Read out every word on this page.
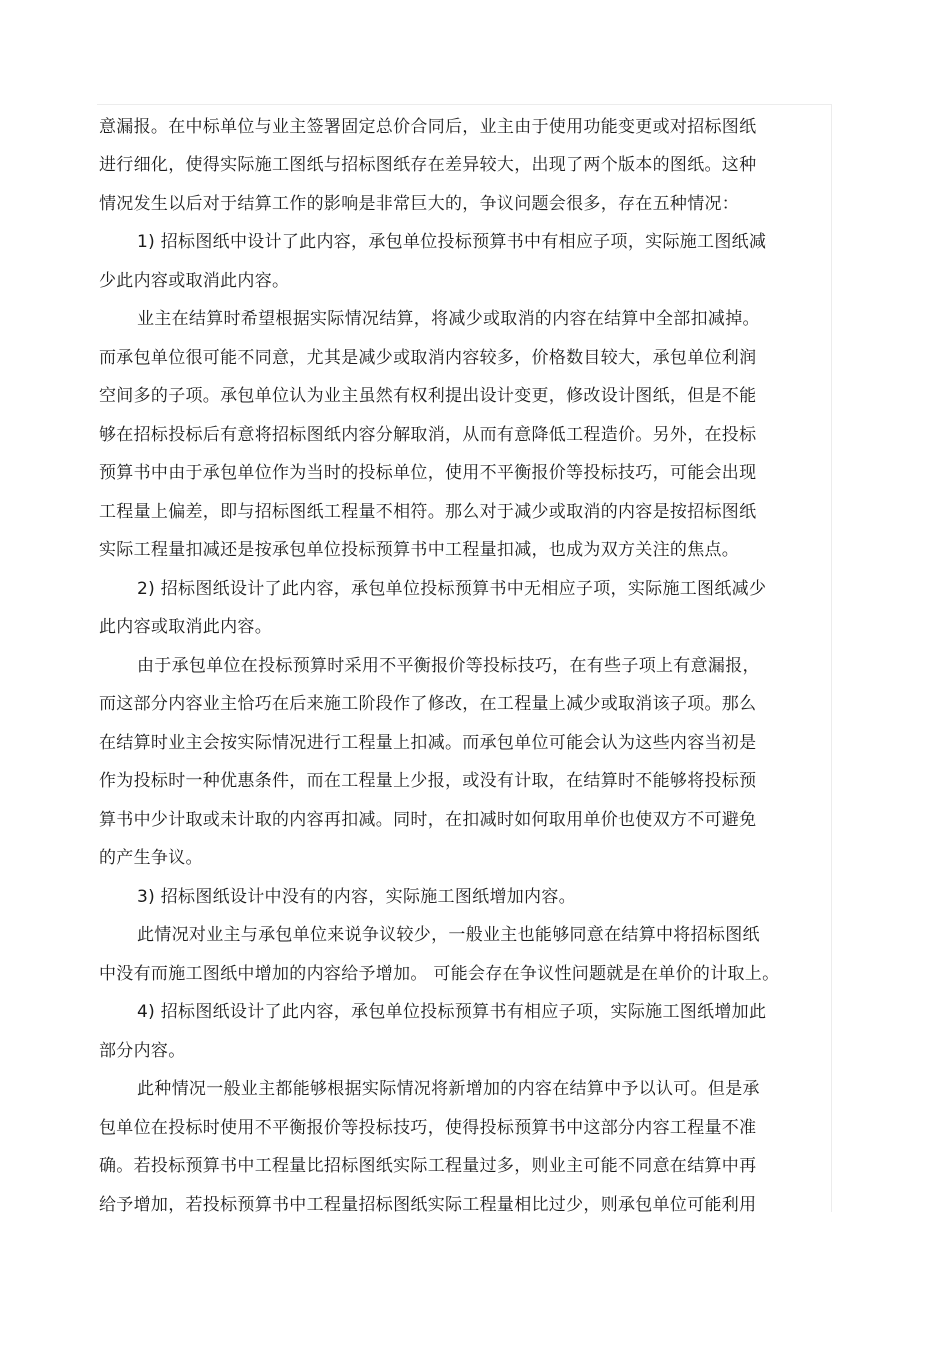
意漏报。在中标单位与业主签署固定总价合同后，业主由于使用功能变更或对招标图纸
进行细化，使得实际施工图纸与招标图纸存在差异较大，出现了两个版本的图纸。这种
情况发生以后对于结算工作的影响是非常巨大的，争议问题会很多，存在五种情况：
1) 招标图纸中设计了此内容，承包单位投标预算书中有相应子项，实际施工图纸减
少此内容或取消此内容。
业主在结算时希望根据实际情况结算，将减少或取消的内容在结算中全部扣减掉。
而承包单位很可能不同意，尤其是减少或取消内容较多，价格数目较大，承包单位利润
空间多的子项。承包单位认为业主虽然有权利提出设计变更，修改设计图纸，但是不能
够在招标投标后有意将招标图纸内容分解取消，从而有意降低工程造价。另外，在投标
预算书中由于承包单位作为当时的投标单位，使用不平衡报价等投标技巧，可能会出现
工程量上偏差，即与招标图纸工程量不相符。那么对于减少或取消的内容是按招标图纸
实际工程量扣减还是按承包单位投标预算书中工程量扣减，也成为双方关注的焦点。
2) 招标图纸设计了此内容，承包单位投标预算书中无相应子项，实际施工图纸减少
此内容或取消此内容。
由于承包单位在投标预算时采用不平衡报价等投标技巧，在有些子项上有意漏报，
而这部分内容业主恰巧在后来施工阶段作了修改，在工程量上减少或取消该子项。那么
在结算时业主会按实际情况进行工程量上扣减。而承包单位可能会认为这些内容当初是
作为投标时一种优惠条件，而在工程量上少报，或没有计取，在结算时不能够将投标预
算书中少计取或未计取的内容再扣减。同时，在扣减时如何取用单价也使双方不可避免
的产生争议。
3) 招标图纸设计中没有的内容，实际施工图纸增加内容。
此情况对业主与承包单位来说争议较少，一般业主也能够同意在结算中将招标图纸
中没有而施工图纸中增加的内容给予增加。 可能会存在争议性问题就是在单价的计取上。
4) 招标图纸设计了此内容，承包单位投标预算书有相应子项，实际施工图纸增加此
部分内容。
此种情况一般业主都能够根据实际情况将新增加的内容在结算中予以认可。但是承
包单位在投标时使用不平衡报价等投标技巧，使得投标预算书中这部分内容工程量不准
确。若投标预算书中工程量比招标图纸实际工程量过多，则业主可能不同意在结算中再
给予增加，若投标预算书中工程量招标图纸实际工程量相比过少，则承包单位可能利用
